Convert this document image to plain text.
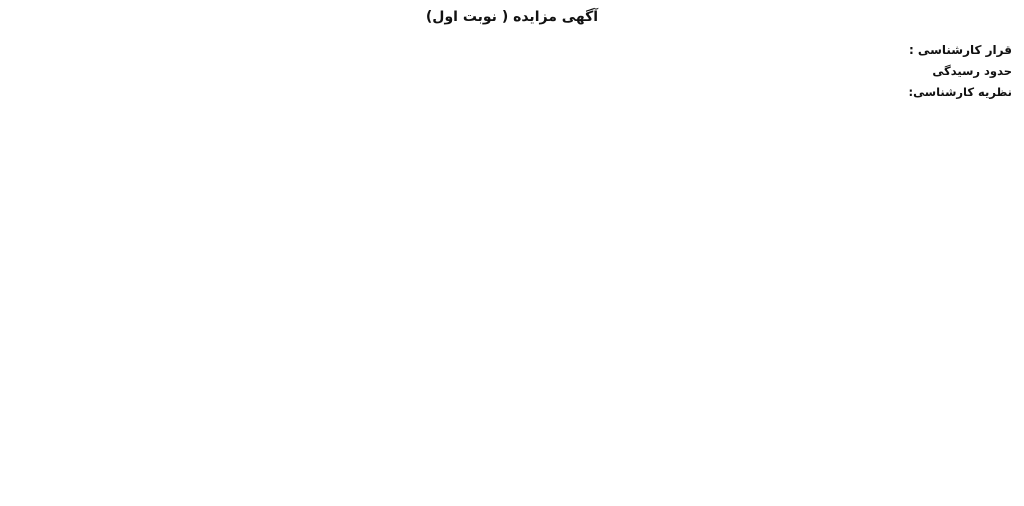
آگهی مزایده ( نوبت اول)

قرار کارشناسی :

حدود رسیدگی

نظریه کارشناسی:
